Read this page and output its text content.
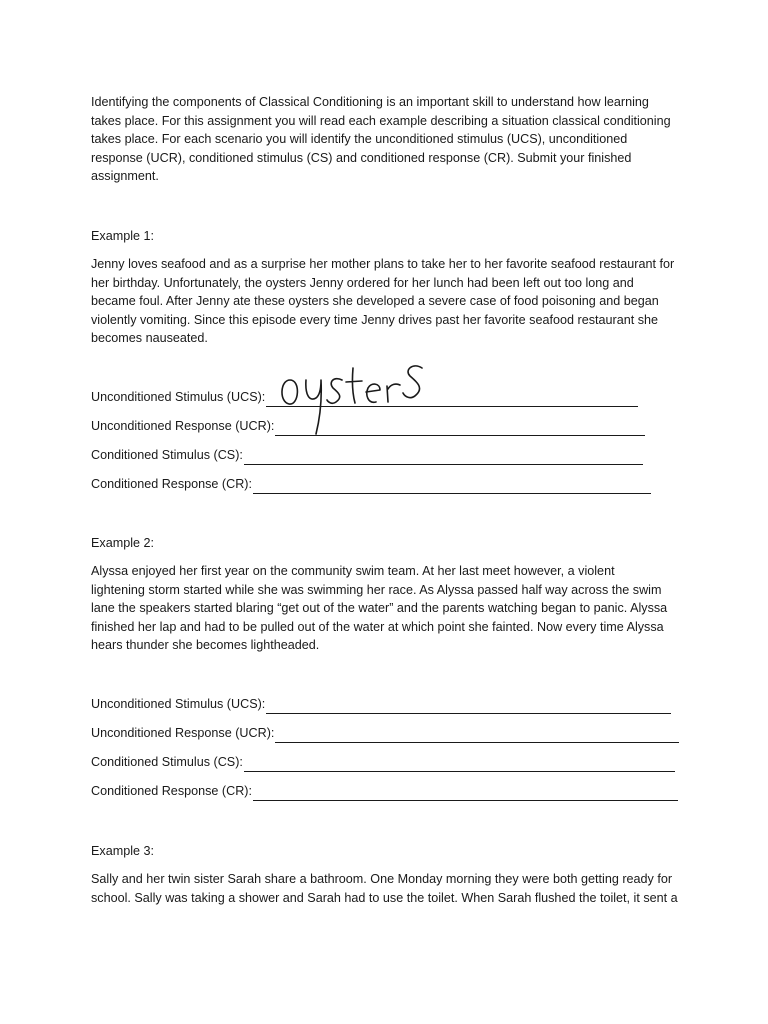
Identifying the components of Classical Conditioning is an important skill to understand how learning
takes place. For this assignment you will read each example describing a situation classical conditioning
takes place. For each scenario you will identify the unconditioned stimulus (UCS), unconditioned
response (UCR), conditioned stimulus (CS) and conditioned response (CR). Submit your finished
assignment.

Example 1:

Jenny loves seafood and as a surprise her mother plans to take her to her favorite seafood restaurant for
her birthday. Unfortunately, the oysters Jenny ordered for her lunch had been left out too long and
became foul. After Jenny ate these oysters she developed a severe case of food poisoning and began
violently vomiting. Since this episode every time Jenny drives past her favorite seafood restaurant she
becomes nauseated.

Unconditioned Stimulus (UCS):
Unconditioned Response (UCR):
Conditioned Stimulus (CS):
Conditioned Response (CR):

Example 2:

Alyssa enjoyed her first year on the community swim team. At her last meet however, a violent
lightening storm started while she was swimming her race. As Alyssa passed half way across the swim
lane the speakers started blaring “get out of the water” and the parents watching began to panic. Alyssa
finished her lap and had to be pulled out of the water at which point she fainted. Now every time Alyssa
hears thunder she becomes lightheaded.

Unconditioned Stimulus (UCS):
Unconditioned Response (UCR):
Conditioned Stimulus (CS):
Conditioned Response (CR):

Example 3:

Sally and her twin sister Sarah share a bathroom. One Monday morning they were both getting ready for
school. Sally was taking a shower and Sarah had to use the toilet. When Sarah flushed the toilet, it sent a
